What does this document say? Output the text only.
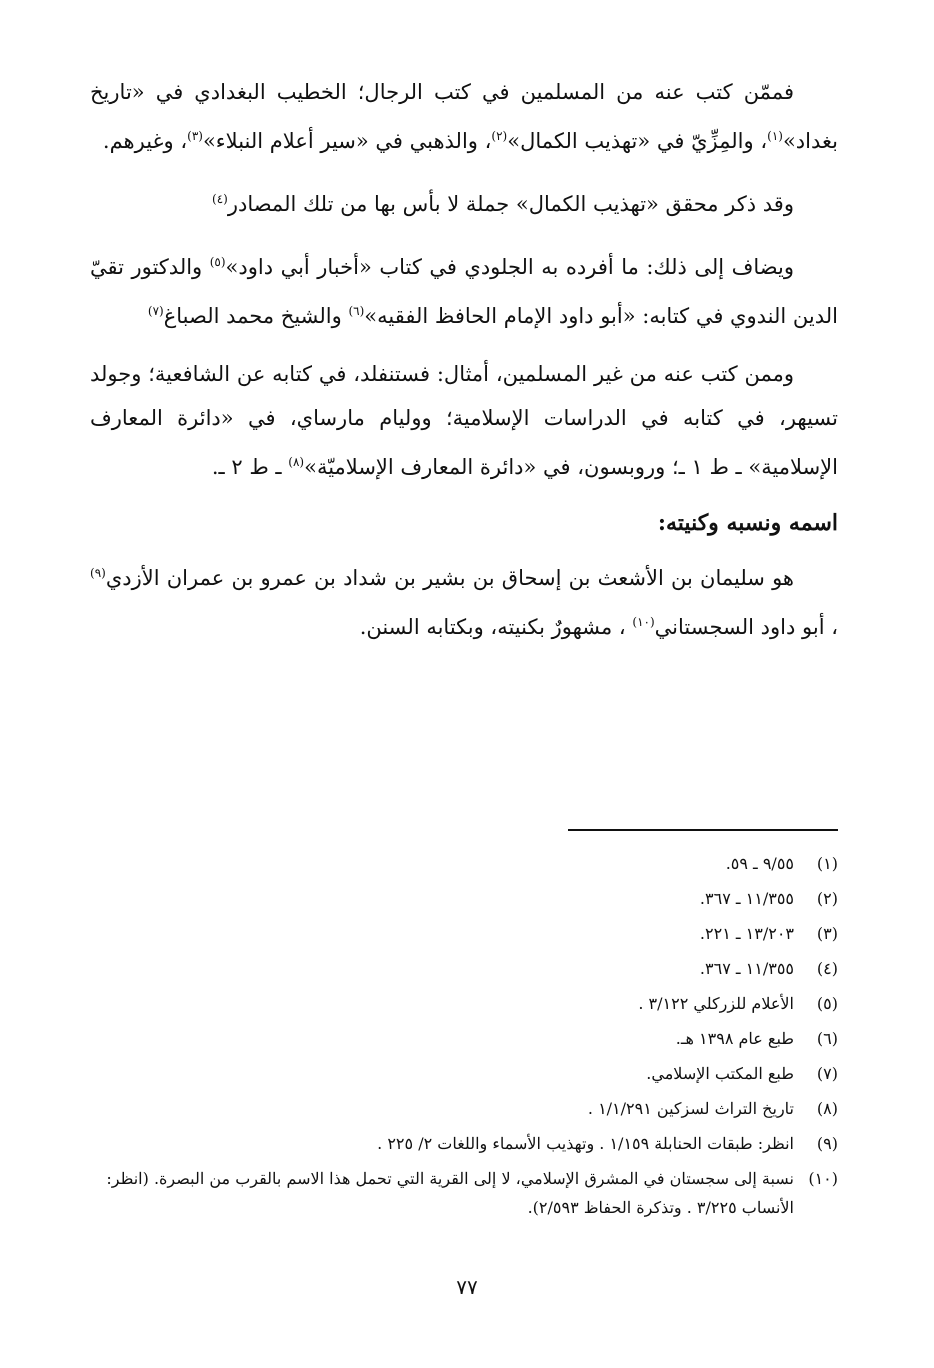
فممّن كتب عنه من المسلمين في كتب الرجال؛ الخطيب البغدادي في «تاريخ بغداد»$^{(١)}$، والمِزِّيّ في «تهذيب الكمال»$^{(٢)}$، والذهبي في «سير أعلام النبلاء»$^{(٣)}$، وغيرهم.

وقد ذكر محقق «تهذيب الكمال» جملة لا بأس بها من تلك المصادر$^{(٤)}$

ويضاف إلى ذلك: ما أفرده به الجلودي في كتاب «أخبار أبي داود»$^{(٥)}$ والدكتور تقيّ الدين الندوي في كتابه: «أبو داود الإمام الحافظ الفقيه»$^{(٦)}$ والشيخ محمد الصباغ$^{(٧)}$

وممن كتب عنه من غير المسلمين، أمثال: فستنفلد، في كتابه عن الشافعية؛ وجولد تسيهر، في كتابه في الدراسات الإسلامية؛ ووليام مارساي، في «دائرة المعارف الإسلامية» ـ ط ١ ـ؛ وروبسون، في «دائرة المعارف الإسلاميّة»$^{(٨)}$ ـ ط ٢ ـ.

اسمه ونسبه وكنيته:

هو سليمان بن الأشعث بن إسحاق بن بشير بن شداد بن عمرو بن عمران الأزدي$^{(٩)}$ ، أبو داود السجستاني$^{(١٠)}$ ، مشهورٌ بكنيته، وبكتابه السنن.

(١)
٩/٥٥ ـ ٥٩.
(٢)
١١/٣٥٥ ـ ٣٦٧.
(٣)
١٣/٢٠٣ ـ ٢٢١.
(٤)
١١/٣٥٥ ـ ٣٦٧.
(٥)
الأعلام للزركلي ٣/١٢٢ .
(٦)
طبع عام ١٣٩٨ هـ.
(٧)
طبع المكتب الإسلامي.
(٨)
تاريخ التراث لسزكين ١/١/٢٩١ .
(٩)
انظر: طبقات الحنابلة ١/١٥٩ . وتهذيب الأسماء واللغات ٢/ ٢٢٥ .
(١٠)
نسبة إلى سجستان في المشرق الإسلامي، لا إلى القرية التي تحمل هذا الاسم بالقرب من البصرة. (انظر: الأنساب ٣/٢٢٥ . وتذكرة الحفاظ ٢/٥٩٣).
٧٧
